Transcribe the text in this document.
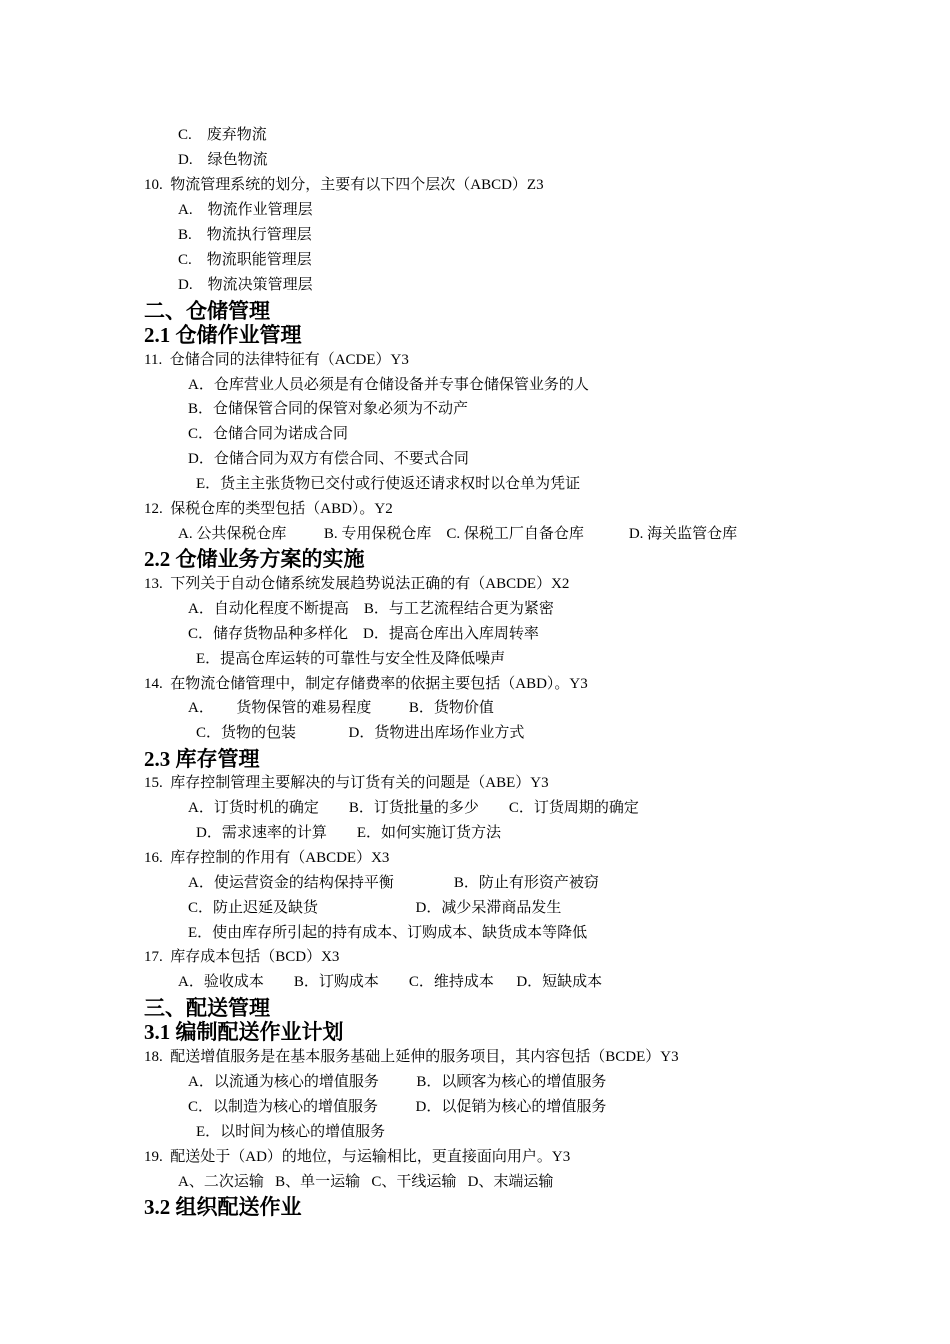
C.    废弃物流
D.    绿色物流
10.  物流管理系统的划分，主要有以下四个层次（ABCD）Z3
A.    物流作业管理层
B.    物流执行管理层
C.    物流职能管理层
D.    物流决策管理层
二、仓储管理
2.1 仓储作业管理
11.  仓储合同的法律特征有（ACDE）Y3
A．仓库营业人员必须是有仓储设备并专事仓储保管业务的人
B．仓储保管合同的保管对象必须为不动产
C．仓储合同为诺成合同
D．仓储合同为双方有偿合同、不要式合同
E．货主主张货物已交付或行使返还请求权时以仓单为凭证
12.  保税仓库的类型包括（ABD）。Y2
A. 公共保税仓库          B. 专用保税仓库    C. 保税工厂自备仓库            D. 海关监管仓库
2.2 仓储业务方案的实施
13.  下列关于自动仓储系统发展趋势说法正确的有（ABCDE）X2
A．自动化程度不断提高    B．与工艺流程结合更为紧密
C．储存货物品种多样化    D．提高仓库出入库周转率
E．提高仓库运转的可靠性与安全性及降低噪声
14.  在物流仓储管理中，制定存储费率的依据主要包括（ABD）。Y3
A．      货物保管的难易程度          B．货物价值
C．货物的包装              D．货物进出库场作业方式
2.3 库存管理
15.  库存控制管理主要解决的与订货有关的问题是（ABE）Y3
A．订货时机的确定        B．订货批量的多少        C．订货周期的确定
D．需求速率的计算        E．如何实施订货方法
16.  库存控制的作用有（ABCDE）X3
A．使运营资金的结构保持平衡                B．防止有形资产被窃
C．防止迟延及缺货                          D．减少呆滞商品发生
E．使由库存所引起的持有成本、订购成本、缺货成本等降低
17.  库存成本包括（BCD）X3
A．验收成本        B．订购成本        C．维持成本      D．短缺成本
三、配送管理
3.1 编制配送作业计划
18.  配送增值服务是在基本服务基础上延伸的服务项目，其内容包括（BCDE）Y3
A．以流通为核心的增值服务          B．以顾客为核心的增值服务
C．以制造为核心的增值服务          D．以促销为核心的增值服务
E．以时间为核心的增值服务
19.  配送处于（AD）的地位，与运输相比，更直接面向用户。Y3
A、二次运输   B、单一运输   C、干线运输   D、末端运输
3.2 组织配送作业
